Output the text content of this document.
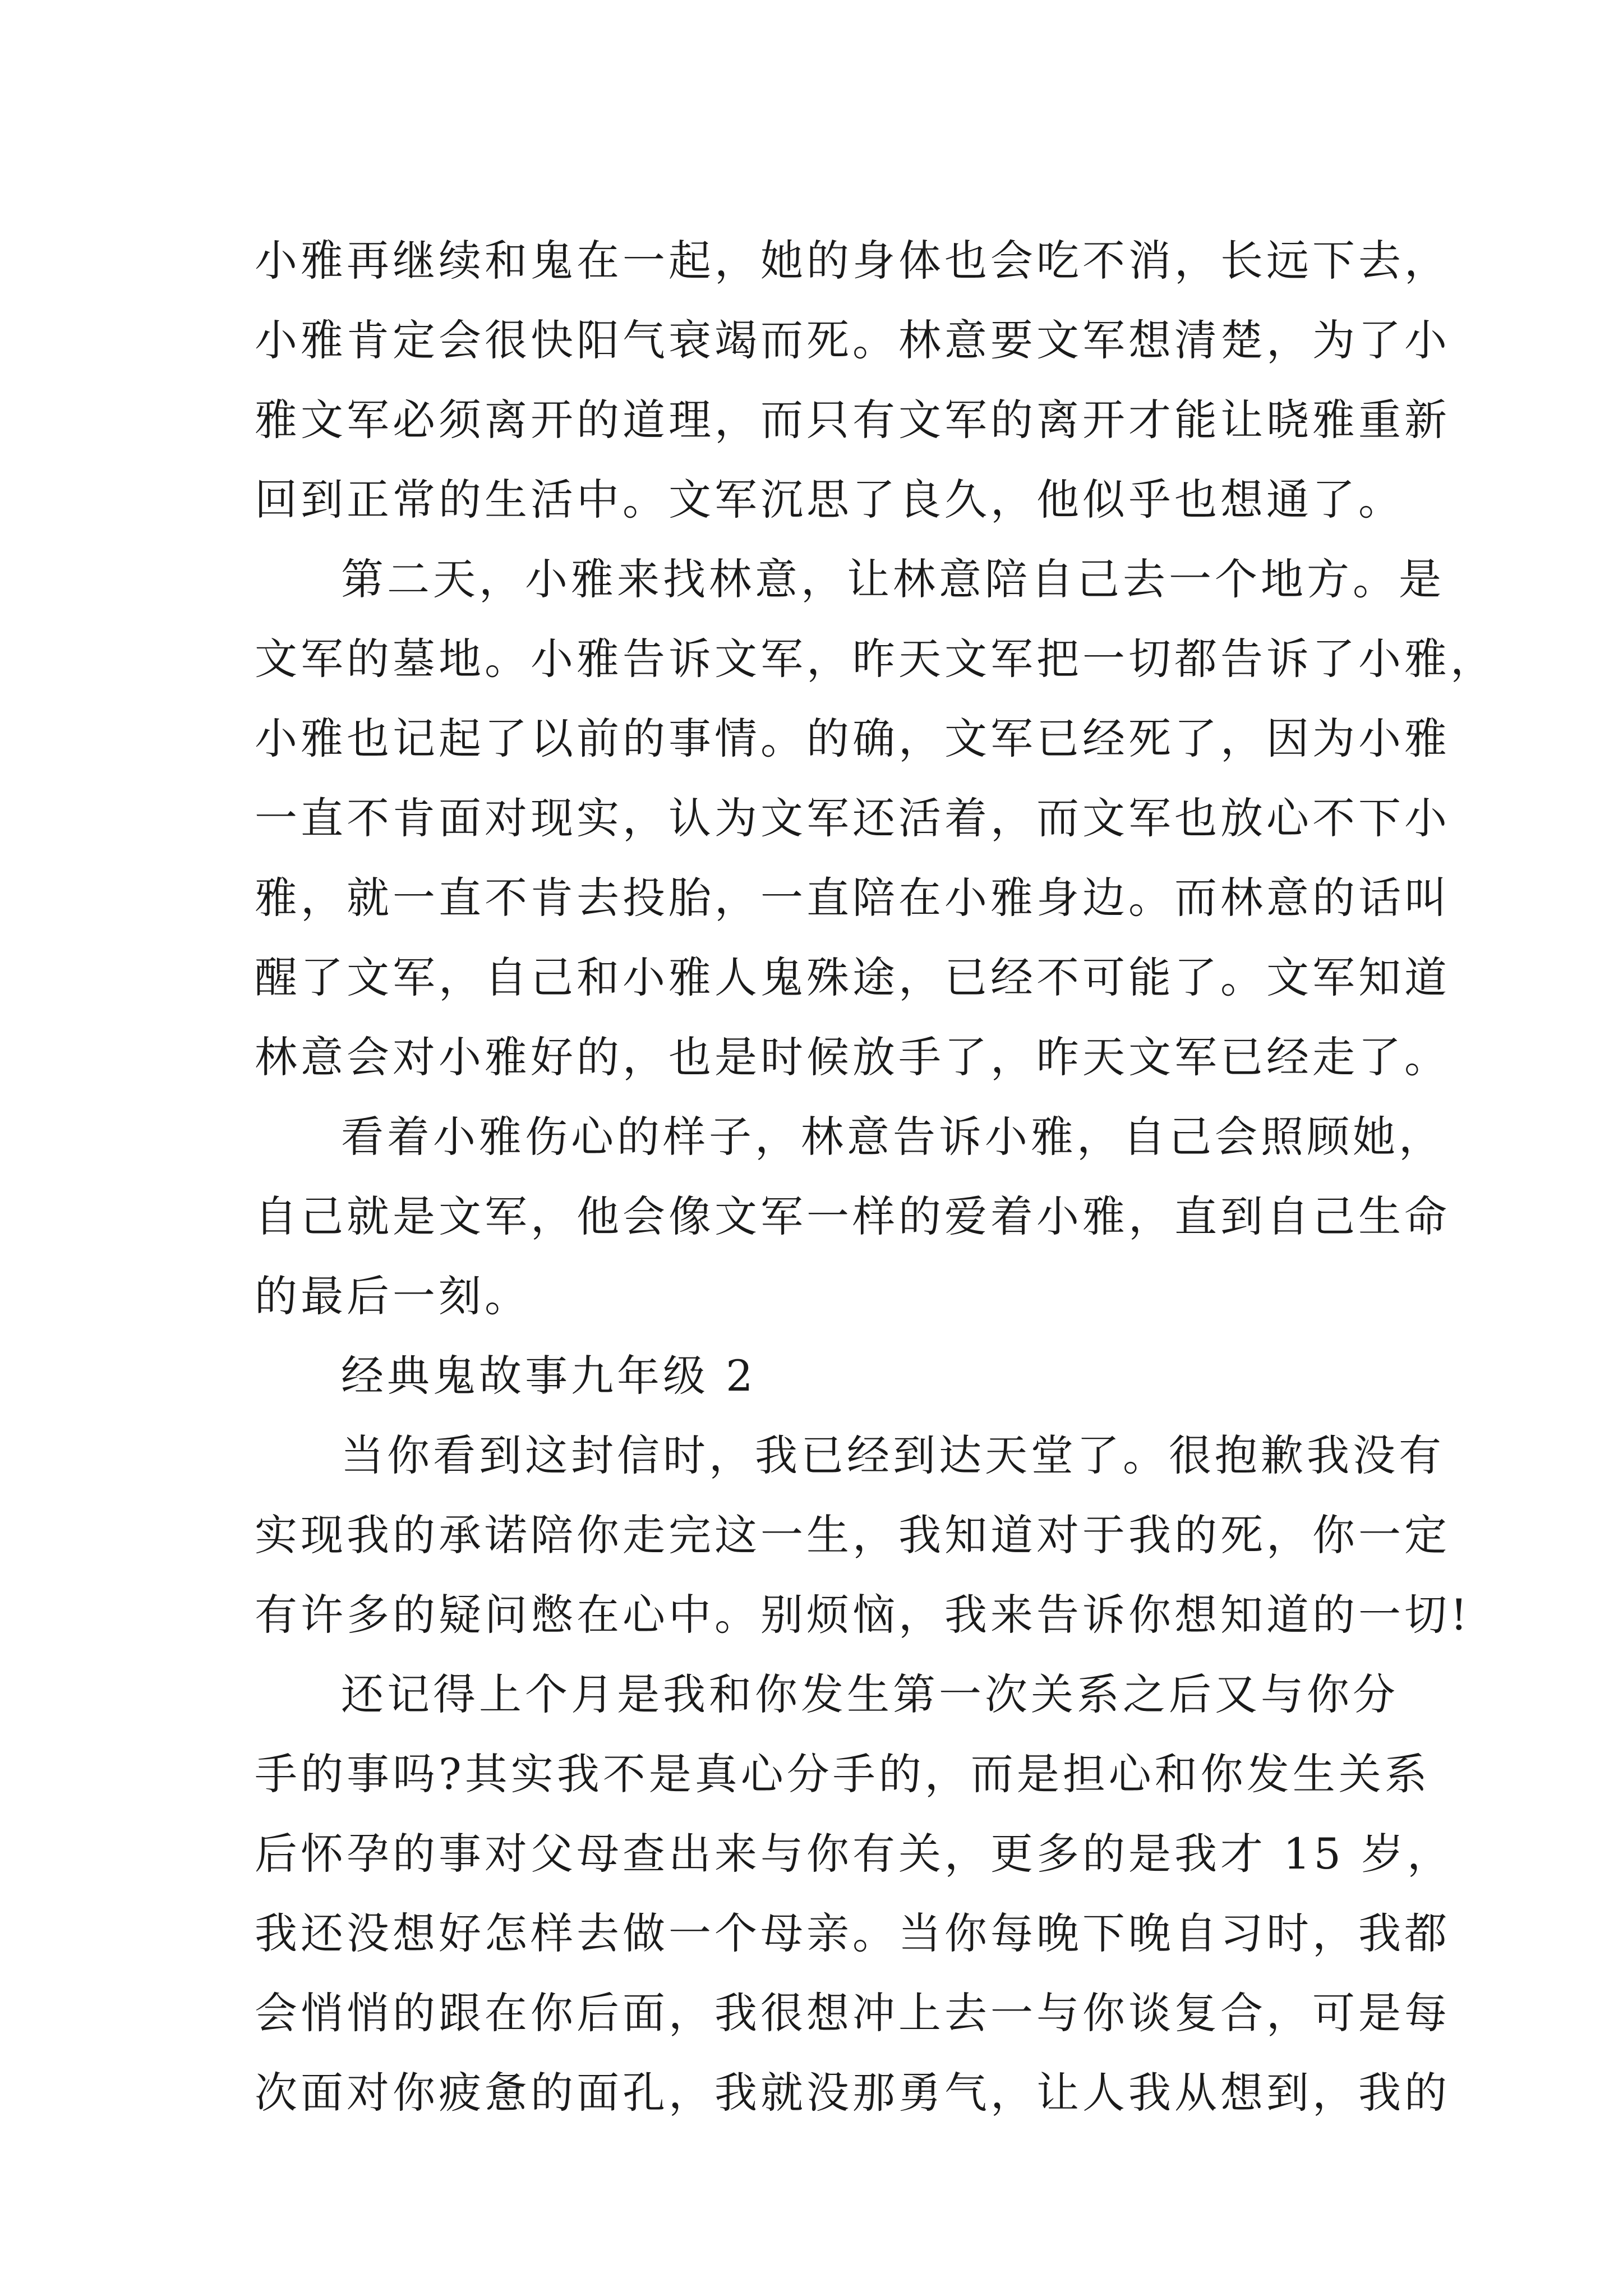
小雅再继续和鬼在一起，她的身体也会吃不消，长远下去，
小雅肯定会很快阳气衰竭而死。林意要文军想清楚，为了小
雅文军必须离开的道理，而只有文军的离开才能让晓雅重新
回到正常的生活中。文军沉思了良久，他似乎也想通了。
第二天，小雅来找林意，让林意陪自己去一个地方。是
文军的墓地。小雅告诉文军，昨天文军把一切都告诉了小雅，
小雅也记起了以前的事情。的确，文军已经死了，因为小雅
一直不肯面对现实，认为文军还活着，而文军也放心不下小
雅，就一直不肯去投胎，一直陪在小雅身边。而林意的话叫
醒了文军，自己和小雅人鬼殊途，已经不可能了。文军知道
林意会对小雅好的，也是时候放手了，昨天文军已经走了。
看着小雅伤心的样子，林意告诉小雅，自己会照顾她，
自己就是文军，他会像文军一样的爱着小雅，直到自己生命
的最后一刻。
经典鬼故事九年级 2
当你看到这封信时，我已经到达天堂了。很抱歉我没有
实现我的承诺陪你走完这一生，我知道对于我的死，你一定
有许多的疑问憋在心中。别烦恼，我来告诉你想知道的一切!
还记得上个月是我和你发生第一次关系之后又与你分
手的事吗?其实我不是真心分手的，而是担心和你发生关系
后怀孕的事对父母查出来与你有关，更多的是我才 15 岁，
我还没想好怎样去做一个母亲。当你每晚下晚自习时，我都
会悄悄的跟在你后面，我很想冲上去一与你谈复合，可是每
次面对你疲惫的面孔，我就没那勇气，让人我从想到，我的
